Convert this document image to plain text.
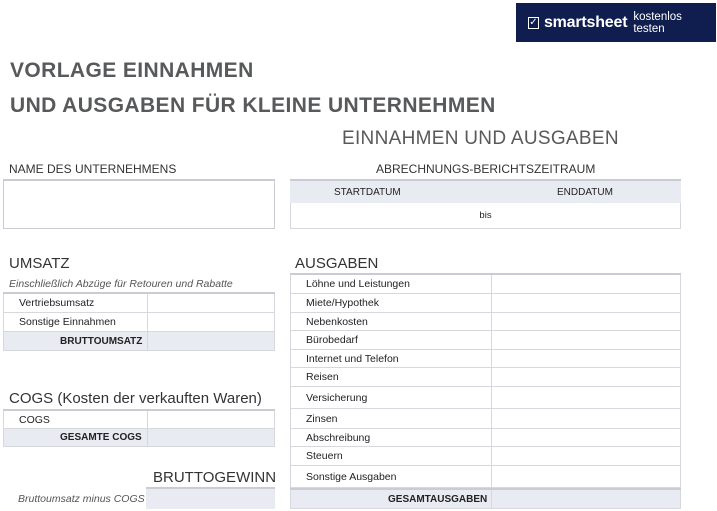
✓ smartsheet kostenlos testen
VORLAGE EINNAHMEN
UND AUSGABEN FÜR KLEINE UNTERNEHMEN
EINNAHMEN UND AUSGABEN
NAME DES UNTERNEHMENS	ABRECHNUNGS-BERICHTSZEITRAUM
STARTDATUM	ENDDATUM
bis
UMSATZ
Einschließlich Abzüge für Retouren und Rabatte
Vertriebsumsatz
Sonstige Einnahmen
BRUTTOUMSATZ
COGS (Kosten der verkauften Waren)
COGS
GESAMTE COGS
BRUTTOGEWINN
Bruttoumsatz minus COGS
AUSGABEN
Löhne und Leistungen
Miete/Hypothek
Nebenkosten
Bürobedarf
Internet und Telefon
Reisen
Versicherung
Zinsen
Abschreibung
Steuern
Sonstige Ausgaben
GESAMTAUSGABEN
